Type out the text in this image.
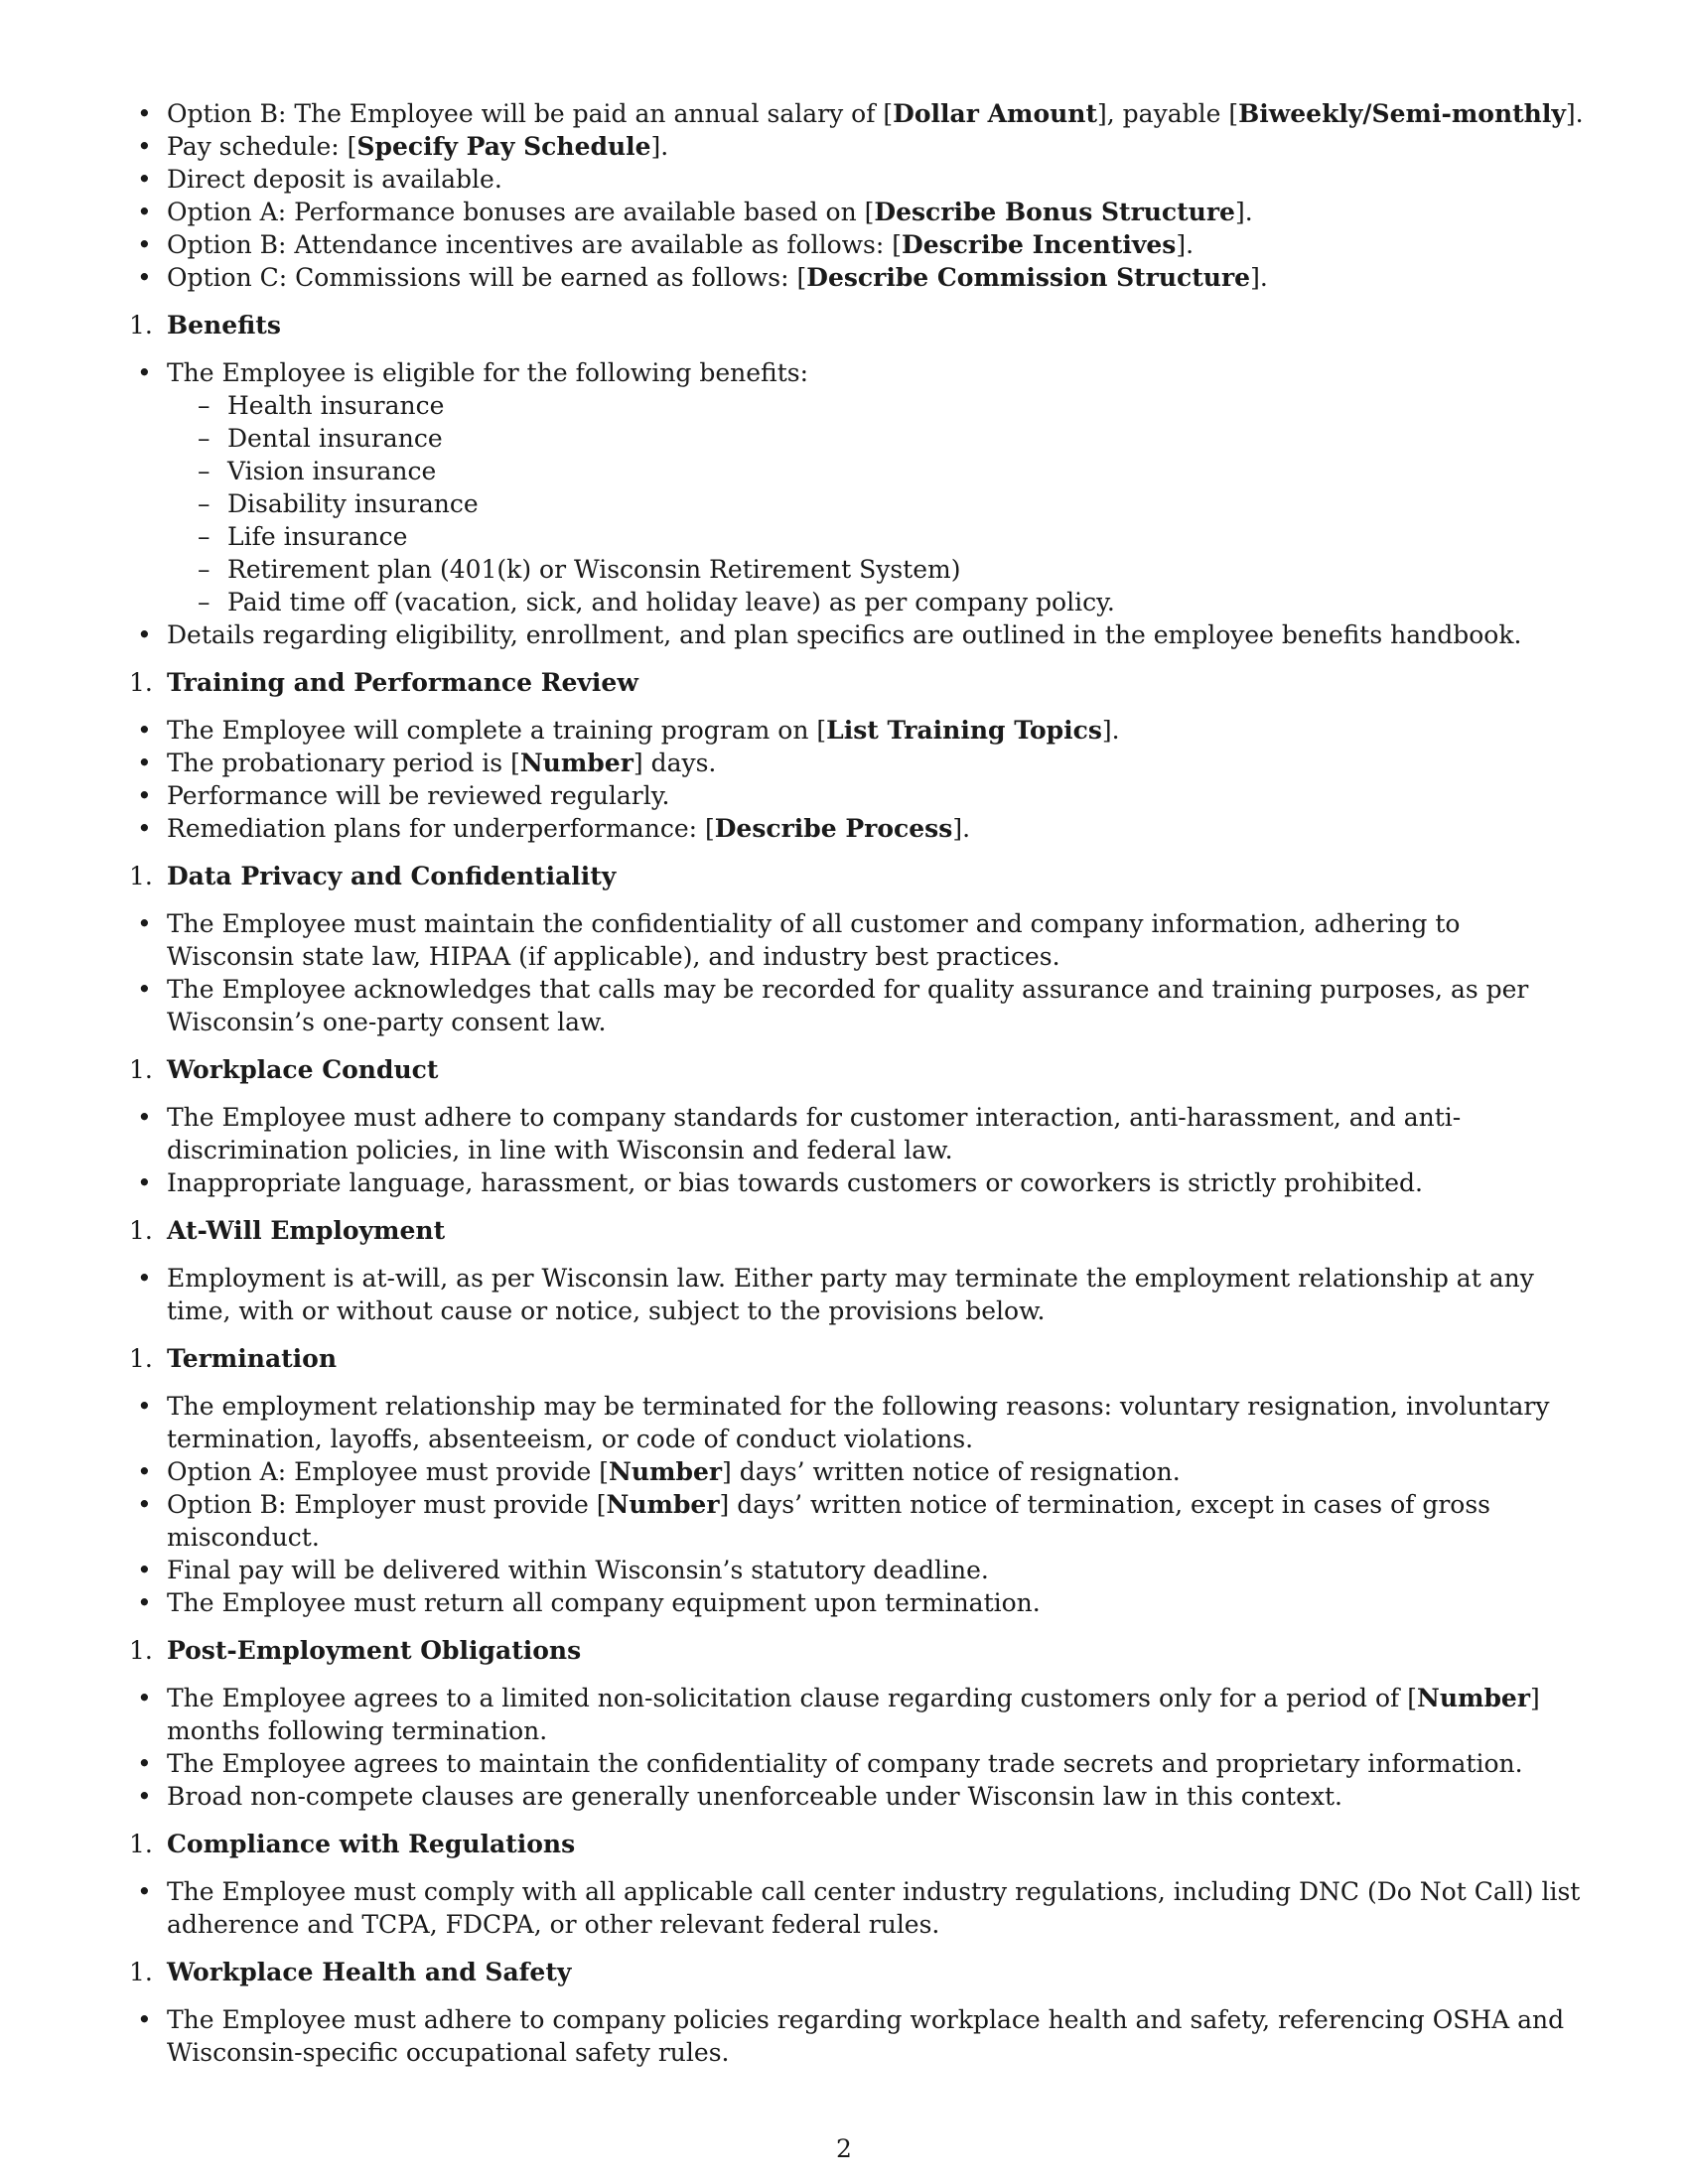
• Option B: The Employee will be paid an annual salary of [Dollar Amount], payable [Biweekly/Semi-monthly].
• Pay schedule: [Specify Pay Schedule].
• Direct deposit is available.
• Option A: Performance bonuses are available based on [Describe Bonus Structure].
• Option B: Attendance incentives are available as follows: [Describe Incentives].
• Option C: Commissions will be earned as follows: [Describe Commission Structure].
1. Benefits
• The Employee is eligible for the following benefits:
– Health insurance
– Dental insurance
– Vision insurance
– Disability insurance
– Life insurance
– Retirement plan (401(k) or Wisconsin Retirement System)
– Paid time off (vacation, sick, and holiday leave) as per company policy.
• Details regarding eligibility, enrollment, and plan specifics are outlined in the employee benefits handbook.
1. Training and Performance Review
• The Employee will complete a training program on [List Training Topics].
• The probationary period is [Number] days.
• Performance will be reviewed regularly.
• Remediation plans for underperformance: [Describe Process].
1. Data Privacy and Confidentiality
• The Employee must maintain the confidentiality of all customer and company information, adhering to Wisconsin state law, HIPAA (if applicable), and industry best practices.
• The Employee acknowledges that calls may be recorded for quality assurance and training purposes, as per Wisconsin’s one-party consent law.
1. Workplace Conduct
• The Employee must adhere to company standards for customer interaction, anti-harassment, and anti-discrimination policies, in line with Wisconsin and federal law.
• Inappropriate language, harassment, or bias towards customers or coworkers is strictly prohibited.
1. At-Will Employment
• Employment is at-will, as per Wisconsin law. Either party may terminate the employment relationship at any time, with or without cause or notice, subject to the provisions below.
1. Termination
• The employment relationship may be terminated for the following reasons: voluntary resignation, involuntary termination, layoffs, absenteeism, or code of conduct violations.
• Option A: Employee must provide [Number] days’ written notice of resignation.
• Option B: Employer must provide [Number] days’ written notice of termination, except in cases of gross misconduct.
• Final pay will be delivered within Wisconsin’s statutory deadline.
• The Employee must return all company equipment upon termination.
1. Post-Employment Obligations
• The Employee agrees to a limited non-solicitation clause regarding customers only for a period of [Number] months following termination.
• The Employee agrees to maintain the confidentiality of company trade secrets and proprietary information.
• Broad non-compete clauses are generally unenforceable under Wisconsin law in this context.
1. Compliance with Regulations
• The Employee must comply with all applicable call center industry regulations, including DNC (Do Not Call) list adherence and TCPA, FDCPA, or other relevant federal rules.
1. Workplace Health and Safety
• The Employee must adhere to company policies regarding workplace health and safety, referencing OSHA and Wisconsin-specific occupational safety rules.
2
